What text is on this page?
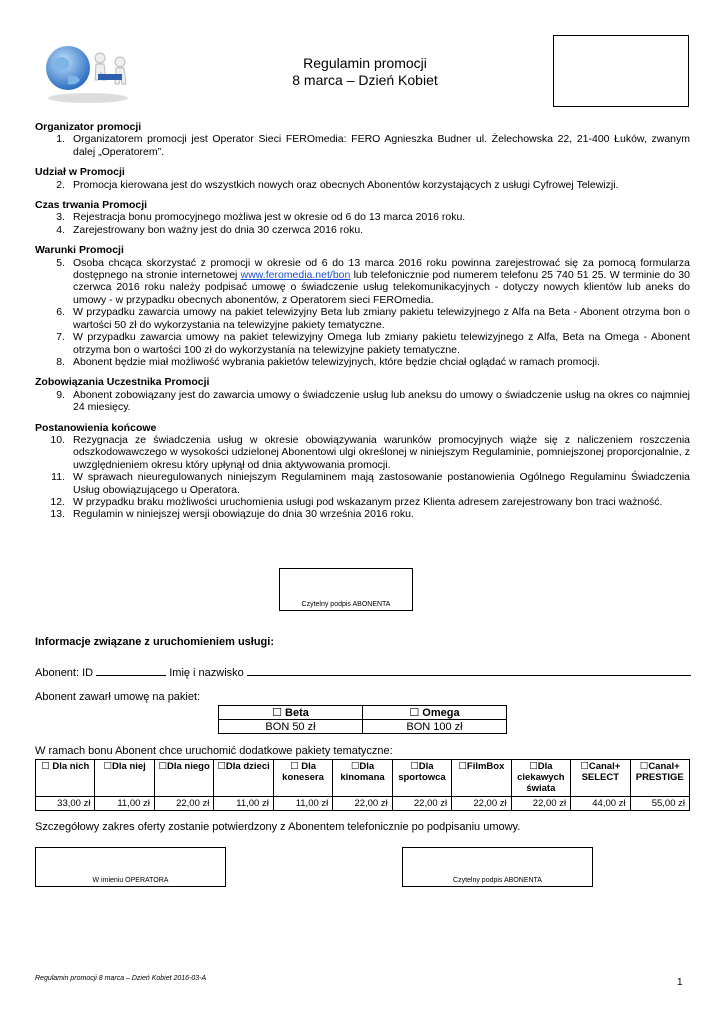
Regulamin promocji
8 marca – Dzień Kobiet
Organizator promocji
1. Organizatorem promocji jest Operator Sieci FEROmedia: FERO Agnieszka Budner ul. Żelechowska 22, 21-400 Łuków, zwanym dalej „Operatorem”.
Udział w Promocji
2. Promocja kierowana jest do wszystkich nowych oraz obecnych Abonentów korzystających z usługi Cyfrowej Telewizji.
Czas trwania Promocji
3. Rejestracja bonu promocyjnego możliwa jest w okresie od 6 do 13 marca 2016 roku.
4. Zarejestrowany bon ważny jest do dnia 30 czerwca 2016 roku.
Warunki Promocji
5. Osoba chcąca skorzystać z promocji w okresie od 6 do 13 marca 2016 roku powinna zarejestrować się za pomocą formularza dostępnego na stronie internetowej www.feromedia.net/bon lub telefonicznie pod numerem telefonu 25 740 51 25. W terminie do 30 czerwca 2016 roku należy podpisać umowę o świadczenie usług telekomunikacyjnych - dotyczy nowych klientów lub aneks do umowy - w przypadku obecnych abonentów, z Operatorem sieci FEROmedia.
6. W przypadku zawarcia umowy na pakiet telewizyjny Beta lub zmiany pakietu telewizyjnego z Alfa na Beta - Abonent otrzyma bon o wartości 50 zł do wykorzystania na telewizyjne pakiety tematyczne.
7. W przypadku zawarcia umowy na pakiet telewizyjny Omega lub zmiany pakietu telewizyjnego z Alfa, Beta na Omega - Abonent otrzyma bon o wartości 100 zł do wykorzystania na telewizyjne pakiety tematyczne.
8. Abonent będzie miał możliwość wybrania pakietów telewizyjnych, które będzie chciał oglądać w ramach promocji.
Zobowiązania Uczestnika Promocji
9. Abonent zobowiązany jest do zawarcia umowy o świadczenie usług lub aneksu do umowy o świadczenie usług na okres co najmniej 24 miesięcy.
Postanowienia końcowe
10. Rezygnacja ze świadczenia usług w okresie obowiązywania warunków promocyjnych wiąże się z naliczeniem roszczenia odszkodowawczego w wysokości udzielonej Abonentowi ulgi określonej w niniejszym Regulaminie, pomniejszonej proporcjonalnie, z uwzględnieniem okresu który upłynął od dnia aktywowania promocji.
11. W sprawach nieuregulowanych niniejszym Regulaminem mają zastosowanie postanowienia Ogólnego Regulaminu Świadczenia Usług obowiązującego u Operatora.
12. W przypadku braku możliwości uruchomienia usługi pod wskazanym przez Klienta adresem zarejestrowany bon traci ważność.
13. Regulamin w niniejszej wersji obowiązuje do dnia 30 września 2016 roku.
Czytelny podpis ABONENTA
Informacje związane z uruchomieniem usługi:
Abonent: ID	Imię i nazwisko
Abonent zawarł umowę na pakiet:
☐ Beta	☐ Omega
BON 50 zł	BON 100 zł
W ramach bonu Abonent chce uruchomić dodatkowe pakiety tematyczne:
☐ Dla nich	☐Dla niej	☐Dla niego	☐Dla dzieci	☐ Dla konesera	☐Dla kinomana	☐Dla sportowca	☐FilmBox	☐Dla ciekawych świata	☐Canal+ SELECT	☐Canal+ PRESTIGE
33,00 zł	11,00 zł	22,00 zł	11,00 zł	11,00 zł	22,00 zł	22,00 zł	22,00 zł	22,00 zł	44,00 zł	55,00 zł
Szczegółowy zakres oferty zostanie potwierdzony z Abonentem telefonicznie po podpisaniu umowy.
W imieniu OPERATORA	Czytelny podpis ABONENTA
Regulamin promocji 8 marca – Dzień Kobiet 2016-03-A	1
